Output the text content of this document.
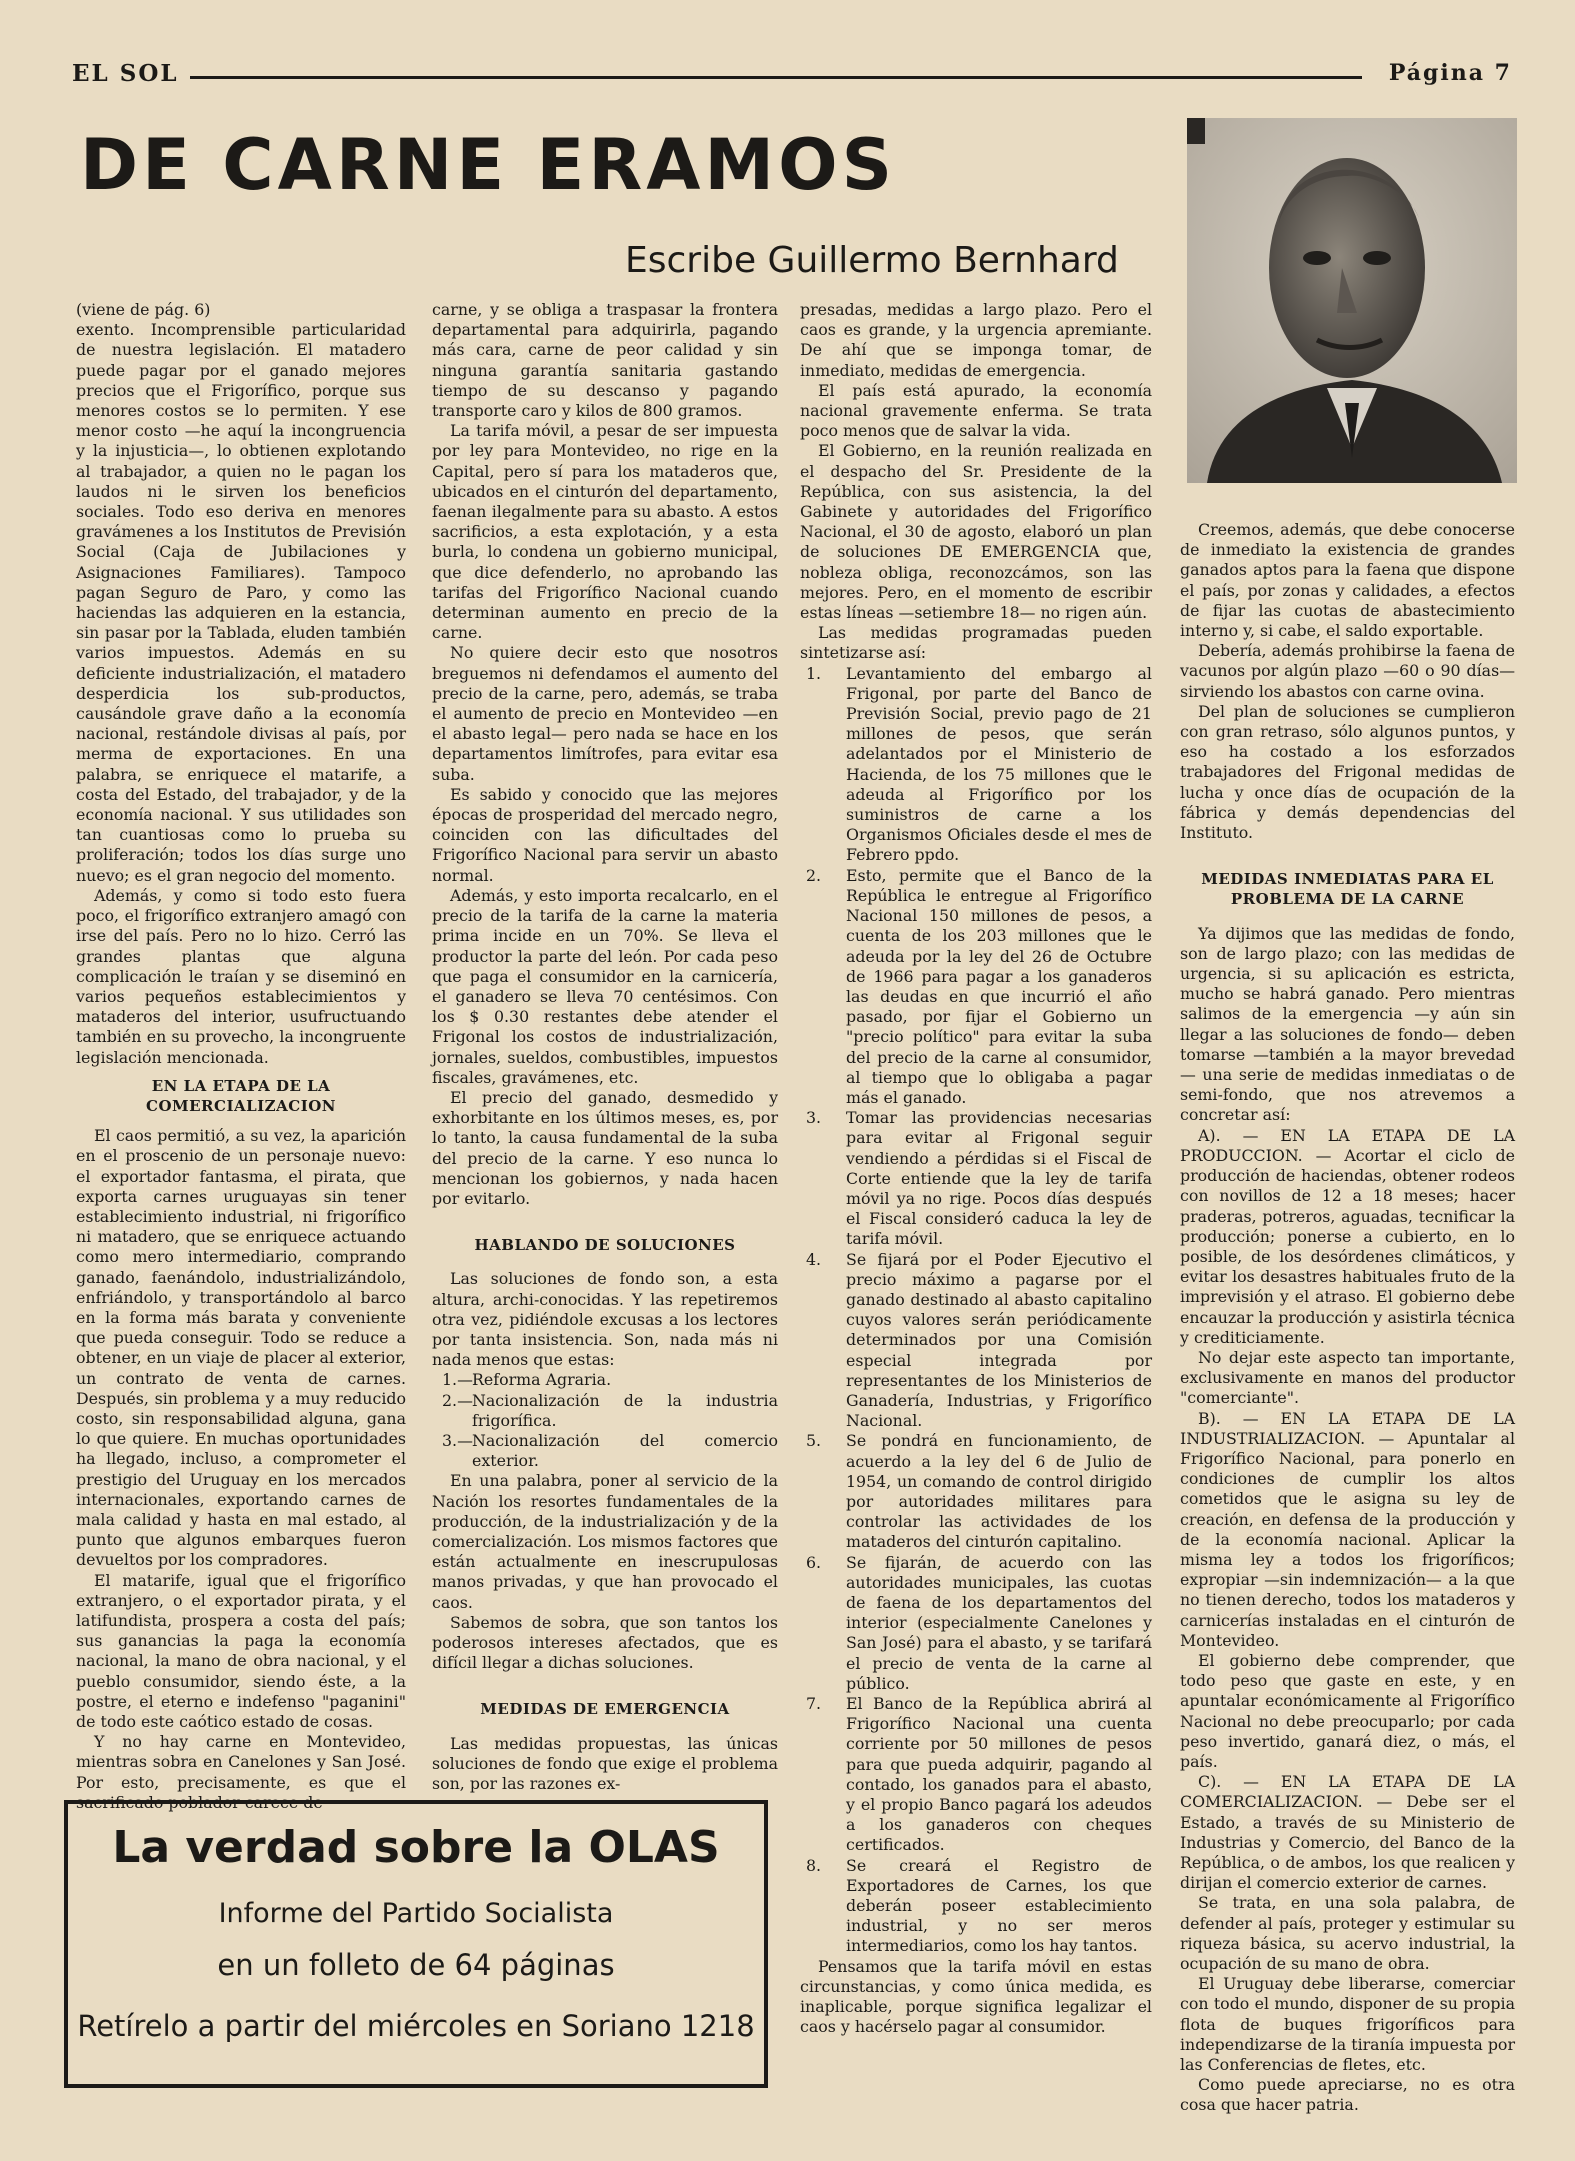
EL SOL	Página 7
DE CARNE ERAMOS
Escribe Guillermo Bernhard

(viene de pág. 6)

exento. Incomprensible particularidad de nuestra legislación. El matadero puede pagar por el ganado mejores precios que el Frigorífico, porque sus menores costos se lo permiten. Y ese menor costo —he aquí la incongruencia y la injusticia—, lo obtienen explotando al trabajador, a quien no le pagan los laudos ni le sirven los beneficios sociales. Todo eso deriva en menores gravámenes a los Institutos de Previsión Social (Caja de Jubilaciones y Asignaciones Familiares). Tampoco pagan Seguro de Paro, y como las haciendas las adquieren en la estancia, sin pasar por la Tablada, eluden también varios impuestos. Además en su deficiente industrialización, el matadero desperdicia los sub-productos, causándole grave daño a la economía nacional, restándole divisas al país, por merma de exportaciones. En una palabra, se enriquece el matarife, a costa del Estado, del trabajador, y de la economía nacional. Y sus utilidades son tan cuantiosas como lo prueba su proliferación; todos los días surge uno nuevo; es el gran negocio del momento.

Además, y como si todo esto fuera poco, el frigorífico extranjero amagó con irse del país. Pero no lo hizo. Cerró las grandes plantas que alguna complicación le traían y se diseminó en varios pequeños establecimientos y mataderos del interior, usufructuando también en su provecho, la incongruente legislación mencionada.

EN LA ETAPA DE LA COMERCIALIZACION

El caos permitió, a su vez, la aparición en el proscenio de un personaje nuevo: el exportador fantasma, el pirata, que exporta carnes uruguayas sin tener establecimiento industrial, ni frigorífico ni matadero, que se enriquece actuando como mero intermediario, comprando ganado, faenándolo, industrializándolo, enfriándolo, y transportándolo al barco en la forma más barata y conveniente que pueda conseguir. Todo se reduce a obtener, en un viaje de placer al exterior, un contrato de venta de carnes. Después, sin problema y a muy reducido costo, sin responsabilidad alguna, gana lo que quiere. En muchas oportunidades ha llegado, incluso, a comprometer el prestigio del Uruguay en los mercados internacionales, exportando carnes de mala calidad y hasta en mal estado, al punto que algunos embarques fueron devueltos por los compradores.

El matarife, igual que el frigorífico extranjero, o el exportador pirata, y el latifundista, prospera a costa del país; sus ganancias la paga la economía nacional, la mano de obra nacional, y el pueblo consumidor, siendo éste, a la postre, el eterno e indefenso "paganini" de todo este caótico estado de cosas.

Y no hay carne en Montevideo, mientras sobra en Canelones y San José. Por esto, precisamente, es que el sacrificado poblador carece de

carne, y se obliga a traspasar la frontera departamental para adquirirla, pagando más cara, carne de peor calidad y sin ninguna garantía sanitaria gastando tiempo de su descanso y pagando transporte caro y kilos de 800 gramos.

La tarifa móvil, a pesar de ser impuesta por ley para Montevideo, no rige en la Capital, pero sí para los mataderos que, ubicados en el cinturón del departamento, faenan ilegalmente para su abasto. A estos sacrificios, a esta explotación, y a esta burla, lo condena un gobierno municipal, que dice defenderlo, no aprobando las tarifas del Frigorífico Nacional cuando determinan aumento en precio de la carne.

No quiere decir esto que nosotros breguemos ni defendamos el aumento del precio de la carne, pero, además, se traba el aumento de precio en Montevideo —en el abasto legal— pero nada se hace en los departamentos limítrofes, para evitar esa suba.

Es sabido y conocido que las mejores épocas de prosperidad del mercado negro, coinciden con las dificultades del Frigorífico Nacional para servir un abasto normal.

Además, y esto importa recalcarlo, en el precio de la tarifa de la carne la materia prima incide en un 70%. Se lleva el productor la parte del león. Por cada peso que paga el consumidor en la carnicería, el ganadero se lleva 70 centésimos. Con los $ 0.30 restantes debe atender el Frigonal los costos de industrialización, jornales, sueldos, combustibles, impuestos fiscales, gravámenes, etc.

El precio del ganado, desmedido y exhorbitante en los últimos meses, es, por lo tanto, la causa fundamental de la suba del precio de la carne. Y eso nunca lo mencionan los gobiernos, y nada hacen por evitarlo.

HABLANDO DE SOLUCIONES

Las soluciones de fondo son, a esta altura, archi-conocidas. Y las repetiremos otra vez, pidiéndole excusas a los lectores por tanta insistencia. Son, nada más ni nada menos que estas:

1.— Reforma Agraria.
2.— Nacionalización de la industria frigorífica.
3.— Nacionalización del comercio exterior.

En una palabra, poner al servicio de la Nación los resortes fundamentales de la producción, de la industrialización y de la comercialización. Los mismos factores que están actualmente en inescrupulosas manos privadas, y que han provocado el caos.

Sabemos de sobra, que son tantos los poderosos intereses afectados, que es difícil llegar a dichas soluciones.

MEDIDAS DE EMERGENCIA

Las medidas propuestas, las únicas soluciones de fondo que exige el problema son, por las razones ex-

presadas, medidas a largo plazo. Pero el caos es grande, y la urgencia apremiante. De ahí que se imponga tomar, de inmediato, medidas de emergencia.

El país está apurado, la economía nacional gravemente enferma. Se trata poco menos que de salvar la vida.

El Gobierno, en la reunión realizada en el despacho del Sr. Presidente de la República, con sus asistencia, la del Gabinete y autoridades del Frigorífico Nacional, el 30 de agosto, elaboró un plan de soluciones DE EMERGENCIA que, nobleza obliga, reconozcámos, son las mejores. Pero, en el momento de escribir estas líneas —setiembre 18— no rigen aún.

Las medidas programadas pueden sintetizarse así:

1. Levantamiento del embargo al Frigonal, por parte del Banco de Previsión Social, previo pago de 21 millones de pesos, que serán adelantados por el Ministerio de Hacienda, de los 75 millones que le adeuda al Frigorífico por los suministros de carne a los Organismos Oficiales desde el mes de Febrero ppdo.
2. Esto, permite que el Banco de la República le entregue al Frigorífico Nacional 150 millones de pesos, a cuenta de los 203 millones que le adeuda por la ley del 26 de Octubre de 1966 para pagar a los ganaderos las deudas en que incurrió el año pasado, por fijar el Gobierno un "precio político" para evitar la suba del precio de la carne al consumidor, al tiempo que lo obligaba a pagar más el ganado.
3. Tomar las providencias necesarias para evitar al Frigonal seguir vendiendo a pérdidas si el Fiscal de Corte entiende que la ley de tarifa móvil ya no rige. Pocos días después el Fiscal consideró caduca la ley de tarifa móvil.
4. Se fijará por el Poder Ejecutivo el precio máximo a pagarse por el ganado destinado al abasto capitalino cuyos valores serán periódicamente determinados por una Comisión especial integrada por representantes de los Ministerios de Ganadería, Industrias, y Frigorífico Nacional.
5. Se pondrá en funcionamiento, de acuerdo a la ley del 6 de Julio de 1954, un comando de control dirigido por autoridades militares para controlar las actividades de los mataderos del cinturón capitalino.
6. Se fijarán, de acuerdo con las autoridades municipales, las cuotas de faena de los departamentos del interior (especialmente Canelones y San José) para el abasto, y se tarifará el precio de venta de la carne al público.
7. El Banco de la República abrirá al Frigorífico Nacional una cuenta corriente por 50 millones de pesos para que pueda adquirir, pagando al contado, los ganados para el abasto, y el propio Banco pagará los adeudos a los ganaderos con cheques certificados.
8. Se creará el Registro de Exportadores de Carnes, los que deberán poseer establecimiento industrial, y no ser meros intermediarios, como los hay tantos.

Pensamos que la tarifa móvil en estas circunstancias, y como única medida, es inaplicable, porque significa legalizar el caos y hacérselo pagar al consumidor.

Creemos, además, que debe conocerse de inmediato la existencia de grandes ganados aptos para la faena que dispone el país, por zonas y calidades, a efectos de fijar las cuotas de abastecimiento interno y, si cabe, el saldo exportable.

Debería, además prohibirse la faena de vacunos por algún plazo —60 o 90 días— sirviendo los abastos con carne ovina.

Del plan de soluciones se cumplieron con gran retraso, sólo algunos puntos, y eso ha costado a los esforzados trabajadores del Frigonal medidas de lucha y once días de ocupación de la fábrica y demás dependencias del Instituto.

MEDIDAS INMEDIATAS PARA EL PROBLEMA DE LA CARNE

Ya dijimos que las medidas de fondo, son de largo plazo; con las medidas de urgencia, si su aplicación es estricta, mucho se habrá ganado. Pero mientras salimos de la emergencia —y aún sin llegar a las soluciones de fondo— deben tomarse —también a la mayor brevedad— una serie de medidas inmediatas o de semi-fondo, que nos atrevemos a concretar así:

A). — EN LA ETAPA DE LA PRODUCCION. — Acortar el ciclo de producción de haciendas, obtener rodeos con novillos de 12 a 18 meses; hacer praderas, potreros, aguadas, tecnificar la producción; ponerse a cubierto, en lo posible, de los desórdenes climáticos, y evitar los desastres habituales fruto de la imprevisión y el atraso. El gobierno debe encauzar la producción y asistirla técnica y crediticiamente.

No dejar este aspecto tan importante, exclusivamente en manos del productor "comerciante".

B). — EN LA ETAPA DE LA INDUSTRIALIZACION. — Apuntalar al Frigorífico Nacional, para ponerlo en condiciones de cumplir los altos cometidos que le asigna su ley de creación, en defensa de la producción y de la economía nacional. Aplicar la misma ley a todos los frigoríficos; expropiar —sin indemnización— a la que no tienen derecho, todos los mataderos y carnicerías instaladas en el cinturón de Montevideo.

El gobierno debe comprender, que todo peso que gaste en este, y en apuntalar económicamente al Frigorífico Nacional no debe preocuparlo; por cada peso invertido, ganará diez, o más, el país.

C). — EN LA ETAPA DE LA COMERCIALIZACION. — Debe ser el Estado, a través de su Ministerio de Industrias y Comercio, del Banco de la República, o de ambos, los que realicen y dirijan el comercio exterior de carnes.

Se trata, en una sola palabra, de defender al país, proteger y estimular su riqueza básica, su acervo industrial, la ocupación de su mano de obra.

El Uruguay debe liberarse, comerciar con todo el mundo, disponer de su propia flota de buques frigoríficos para independizarse de la tiranía impuesta por las Conferencias de fletes, etc.

Como puede apreciarse, no es otra cosa que hacer patria.

La verdad sobre la OLAS
Informe del Partido Socialista
en un folleto de 64 páginas
Retírelo a partir del miércoles en Soriano 1218
